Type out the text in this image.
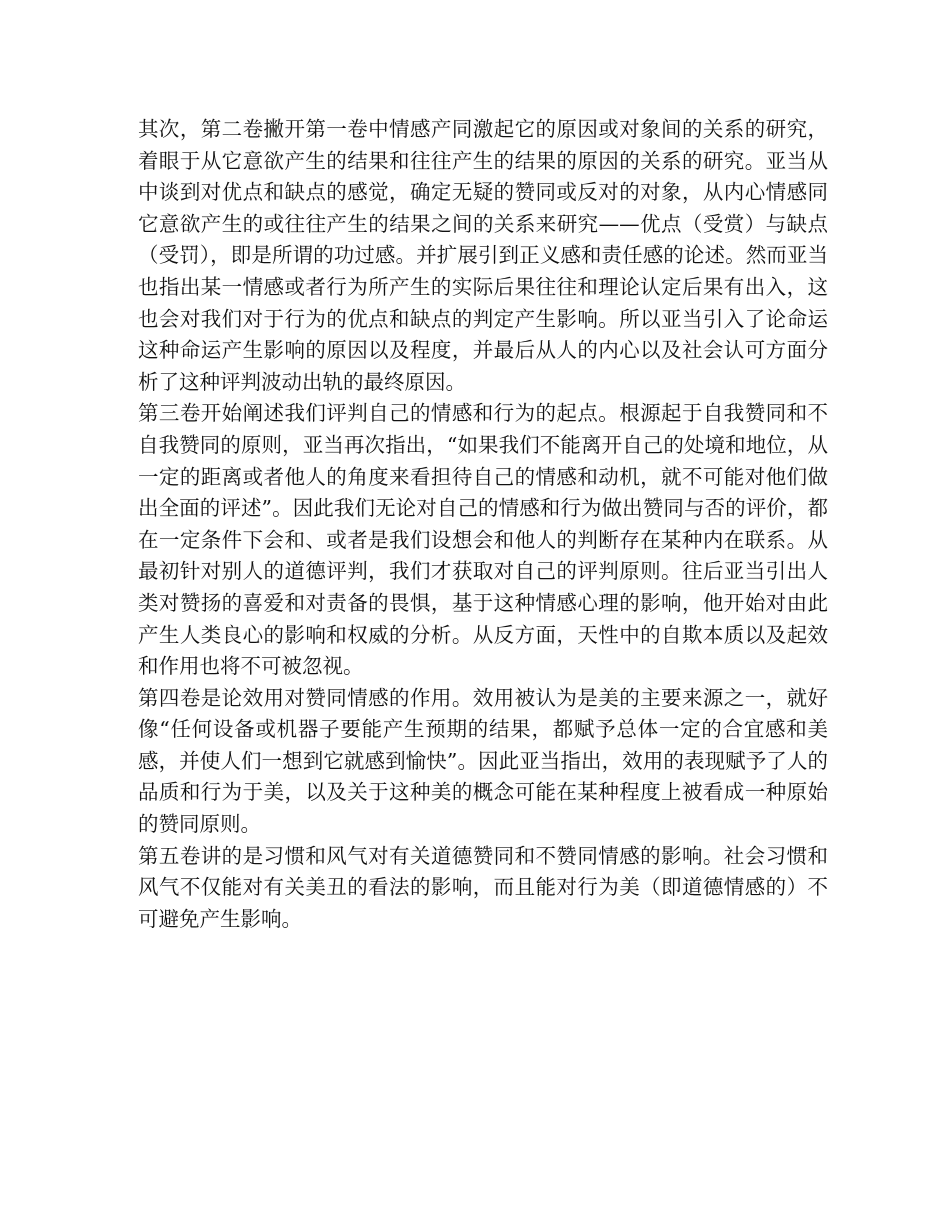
其次，第二卷撇开第一卷中情感产同激起它的原因或对象间的关系的研究，着眼于从它意欲产生的结果和往往产生的结果的原因的关系的研究。亚当从中谈到对优点和缺点的感觉，确定无疑的赞同或反对的对象，从内心情感同它意欲产生的或往往产生的结果之间的关系来研究——优点（受赏）与缺点（受罚），即是所谓的功过感。并扩展引到正义感和责任感的论述。然而亚当也指出某一情感或者行为所产生的实际后果往往和理论认定后果有出入，这也会对我们对于行为的优点和缺点的判定产生影响。所以亚当引入了论命运这种命运产生影响的原因以及程度，并最后从人的内心以及社会认可方面分析了这种评判波动出轨的最终原因。

第三卷开始阐述我们评判自己的情感和行为的起点。根源起于自我赞同和不自我赞同的原则，亚当再次指出，“如果我们不能离开自己的处境和地位，从一定的距离或者他人的角度来看担待自己的情感和动机，就不可能对他们做出全面的评述”。因此我们无论对自己的情感和行为做出赞同与否的评价，都在一定条件下会和、或者是我们设想会和他人的判断存在某种内在联系。从最初针对别人的道德评判，我们才获取对自己的评判原则。往后亚当引出人类对赞扬的喜爱和对责备的畏惧，基于这种情感心理的影响，他开始对由此产生人类良心的影响和权威的分析。从反方面，天性中的自欺本质以及起效和作用也将不可被忽视。

第四卷是论效用对赞同情感的作用。效用被认为是美的主要来源之一，就好像“任何设备或机器子要能产生预期的结果，都赋予总体一定的合宜感和美感，并使人们一想到它就感到愉快”。因此亚当指出，效用的表现赋予了人的品质和行为于美，以及关于这种美的概念可能在某种程度上被看成一种原始的赞同原则。

第五卷讲的是习惯和风气对有关道德赞同和不赞同情感的影响。社会习惯和风气不仅能对有关美丑的看法的影响，而且能对行为美（即道德情感的）不可避免产生影响。
